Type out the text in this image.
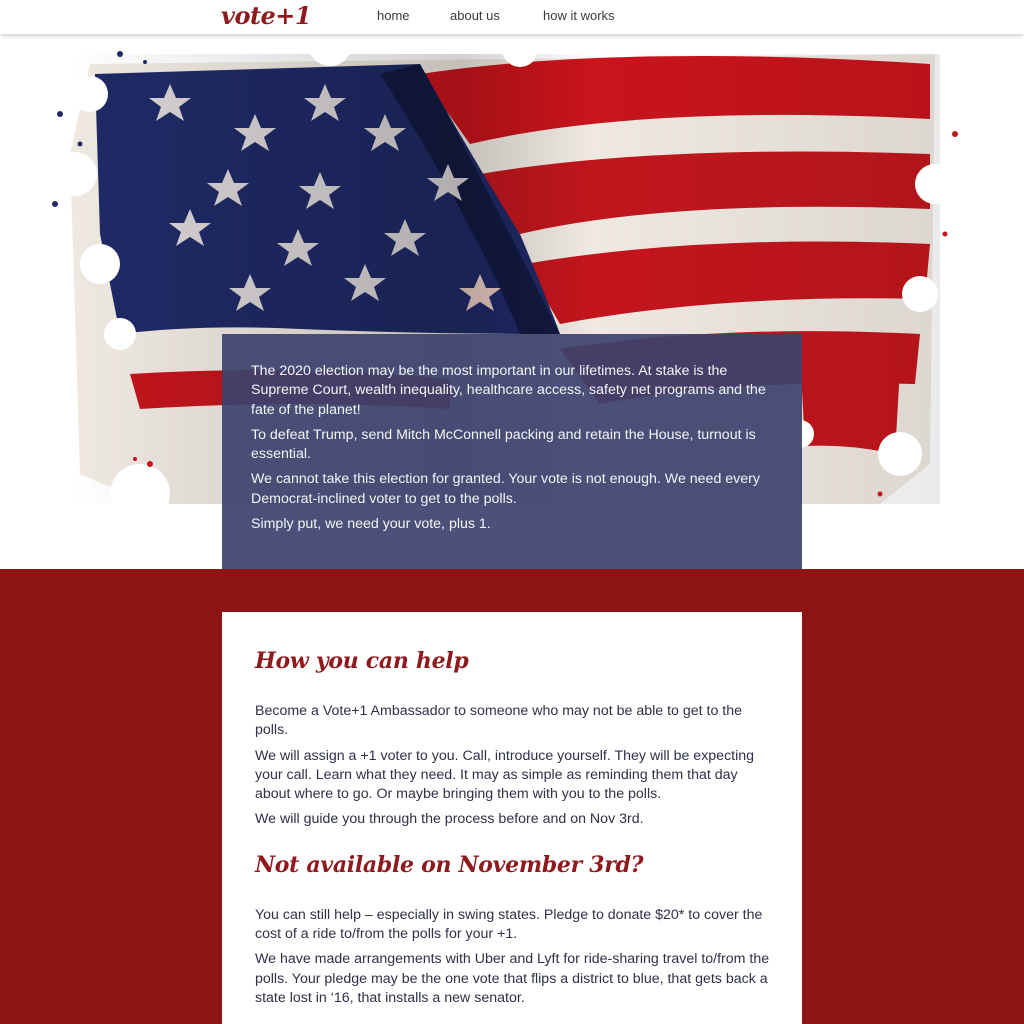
vote+1	home	about us	how it works

The 2020 election may be the most important in our lifetimes. At stake is the Supreme Court, wealth inequality, healthcare access, safety net programs and the fate of the planet!

To defeat Trump, send Mitch McConnell packing and retain the House, turnout is essential.

We cannot take this election for granted. Your vote is not enough. We need every Democrat-inclined voter to get to the polls.

Simply put, we need your vote, plus 1.

How you can help

Become a Vote+1 Ambassador to someone who may not be able to get to the polls.

We will assign a +1 voter to you. Call, introduce yourself. They will be expecting your call. Learn what they need. It may as simple as reminding them that day about where to go. Or maybe bringing them with you to the polls.

We will guide you through the process before and on Nov 3rd.

Not available on November 3rd?

You can still help – especially in swing states. Pledge to donate $20* to cover the cost of a ride to/from the polls for your +1.

We have made arrangements with Uber and Lyft for ride-sharing travel to/from the polls. Your pledge may be the one vote that flips a district to blue, that gets back a state lost in ‘16, that installs a new senator.
